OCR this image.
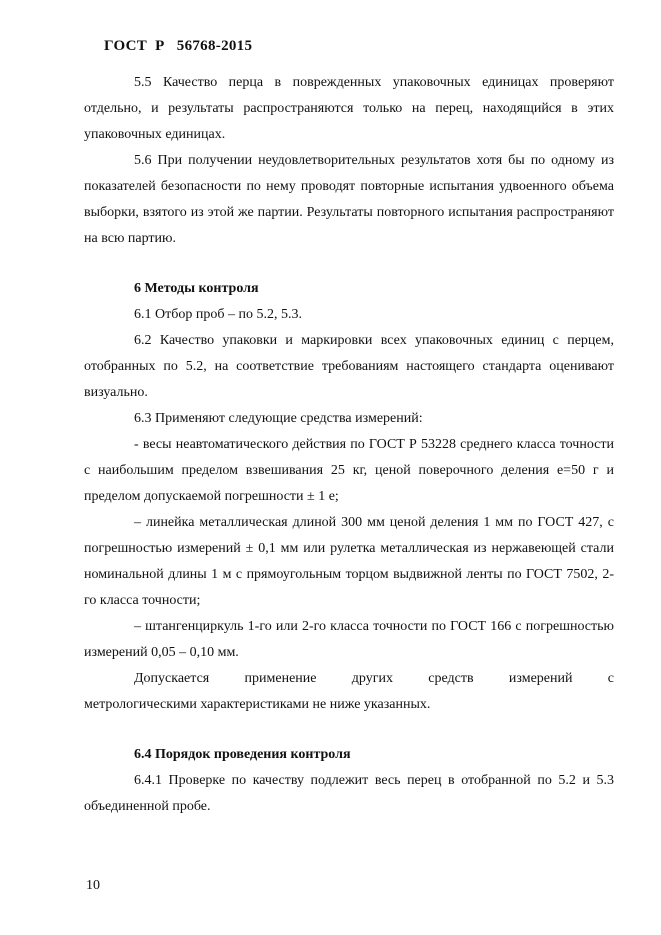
ГОСТ  Р   56768-2015

5.5 Качество перца в поврежденных упаковочных единицах проверяют отдельно, и результаты распространяются только на перец, находящийся в этих упаковочных единицах.

5.6 При получении неудовлетворительных результатов хотя бы по одному из показателей безопасности по нему проводят повторные испытания удвоенного объема выборки, взятого из этой же партии. Результаты повторного испытания распространяют на всю партию.

6 Методы контроля

6.1 Отбор проб – по 5.2, 5.3.

6.2 Качество упаковки и маркировки всех упаковочных единиц с перцем, отобранных по 5.2, на соответствие требованиям настоящего стандарта оценивают визуально.

6.3 Применяют следующие средства измерений:

- весы неавтоматического действия по ГОСТ Р 53228 среднего класса точности с наибольшим пределом взвешивания 25 кг, ценой поверочного деления е=50 г и пределом допускаемой погрешности ± 1 е;

– линейка металлическая длиной 300 мм ценой деления 1 мм по ГОСТ 427, с погрешностью измерений ± 0,1 мм или рулетка металлическая из нержавеющей стали номинальной длины 1 м с прямоугольным торцом выдвижной ленты по ГОСТ 7502, 2-го класса точности;

– штангенциркуль 1-го или 2-го класса точности по ГОСТ 166 с погрешностью измерений 0,05 – 0,10 мм.

Допускается применение других средств измерений с

метрологическими характеристиками не ниже указанных.

6.4 Порядок проведения контроля

6.4.1 Проверке по качеству подлежит весь перец в отобранной по 5.2 и 5.3 объединенной пробе.

10
